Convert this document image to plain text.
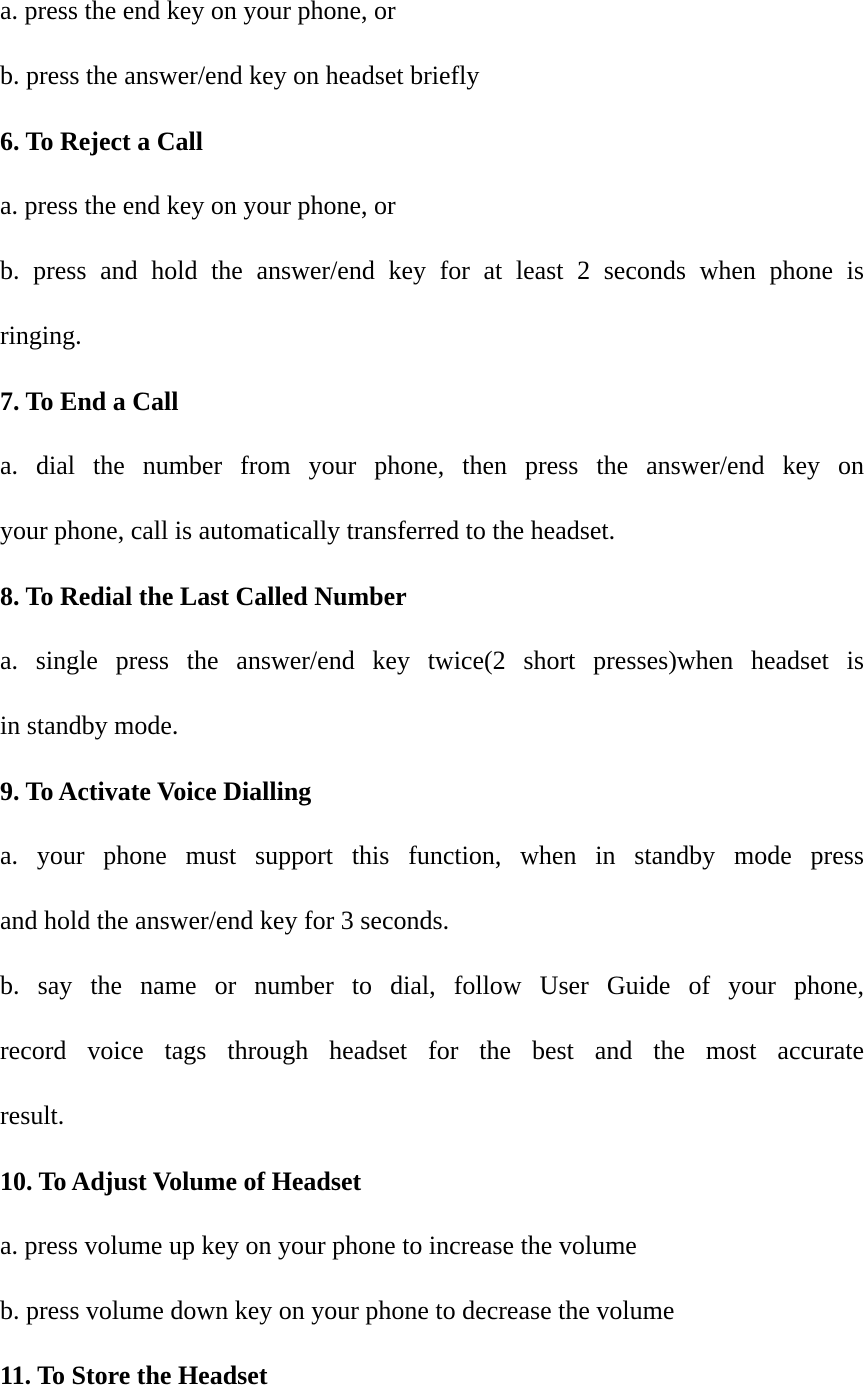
a. press the end key on your phone, or
b. press the answer/end key on headset briefly
6. To Reject a Call
a. press the end key on your phone, or
b. press and hold the answer/end key for at least 2 seconds when phone is
ringing.
7. To End a Call
a. dial the number from your phone, then press the answer/end key on
your phone, call is automatically transferred to the headset.
8. To Redial the Last Called Number
a. single press the answer/end key twice(2 short presses)when headset is
in standby mode.
9. To Activate Voice Dialling
a. your phone must support this function, when in standby mode press
and hold the answer/end key for 3 seconds.
b. say the name or number to dial, follow User Guide of your phone,
record voice tags through headset for the best and the most accurate
result.
10. To Adjust Volume of Headset
a. press volume up key on your phone to increase the volume
b. press volume down key on your phone to decrease the volume
11. To Store the Headset
